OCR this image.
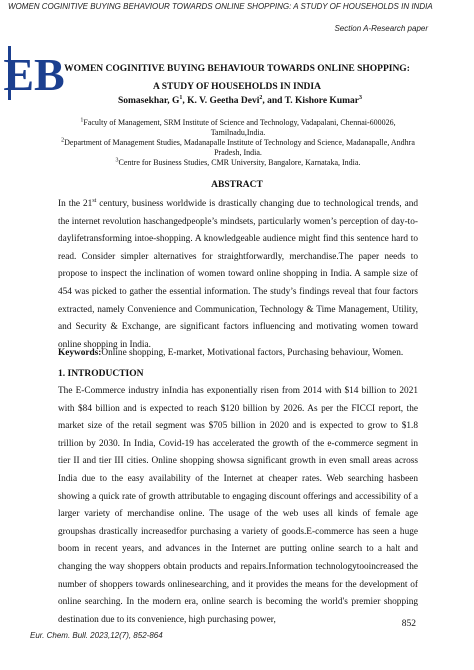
WOMEN COGINITIVE BUYING BEHAVIOUR TOWARDS ONLINE SHOPPING: A STUDY OF HOUSEHOLDS IN INDIA
Section A-Research paper
EB WOMEN COGINITIVE BUYING BEHAVIOUR TOWARDS ONLINE SHOPPING:
A STUDY OF HOUSEHOLDS IN INDIA
Somasekhar, $G^1$, K. V. Geetha Devi$^2$, and T. Kishore Kumar$^3$

$^1$Faculty of Management, SRM Institute of Science and Technology, Vadapalani, Chennai-600026, Tamilnadu,India.

$^2$Department of Management Studies, Madanapalle Institute of Technology and Science, Madanapalle, Andhra Pradesh, India.

$^3$Centre for Business Studies, CMR University, Bangalore, Karnataka, India.

ABSTRACT

In the 21st century, business worldwide is drastically changing due to technological trends, and the internet revolution haschangedpeople’s mindsets, particularly women’s perception of day-to-daylifetransforming intoe-shopping. A knowledgeable audience might find this sentence hard to read. Consider simpler alternatives for straightforwardly, merchandise.The paper needs to propose to inspect the inclination of women toward online shopping in India. A sample size of 454 was picked to gather the essential information. The study’s findings reveal that four factors extracted, namely Convenience and Communication, Technology & Time Management, Utility, and Security & Exchange, are significant factors influencing and motivating women toward online shopping in India.

Keywords:Online shopping, E-market, Motivational factors, Purchasing behaviour, Women.

1. INTRODUCTION

The E-Commerce industry inIndia has exponentially risen from 2014 with $14 billion to 2021 with $84 billion and is expected to reach $120 billion by 2026. As per the FICCI report, the market size of the retail segment was $705 billion in 2020 and is expected to grow to $1.8 trillion by 2030. In India, Covid-19 has accelerated the growth of the e-commerce segment in tier II and tier III cities. Online shopping showsa significant growth in even small areas across India due to the easy availability of the Internet at cheaper rates. Web searching hasbeen showing a quick rate of growth attributable to engaging discount offerings and accessibility of a larger variety of merchandise online. The usage of the web uses all kinds of female age groupshas drastically increasedfor purchasing a variety of goods.E-commerce has seen a huge boom in recent years, and advances in the Internet are putting online search to a halt and changing the way shoppers obtain products and repairs.Information technologytooincreased the number of shoppers towards onlinesearching, and it provides the means for the development of online searching. In the modern era, online search is becoming the world's premier shopping destination due to its convenience, high purchasing power,	852
Eur. Chem. Bull. 2023,12(7), 852-864
